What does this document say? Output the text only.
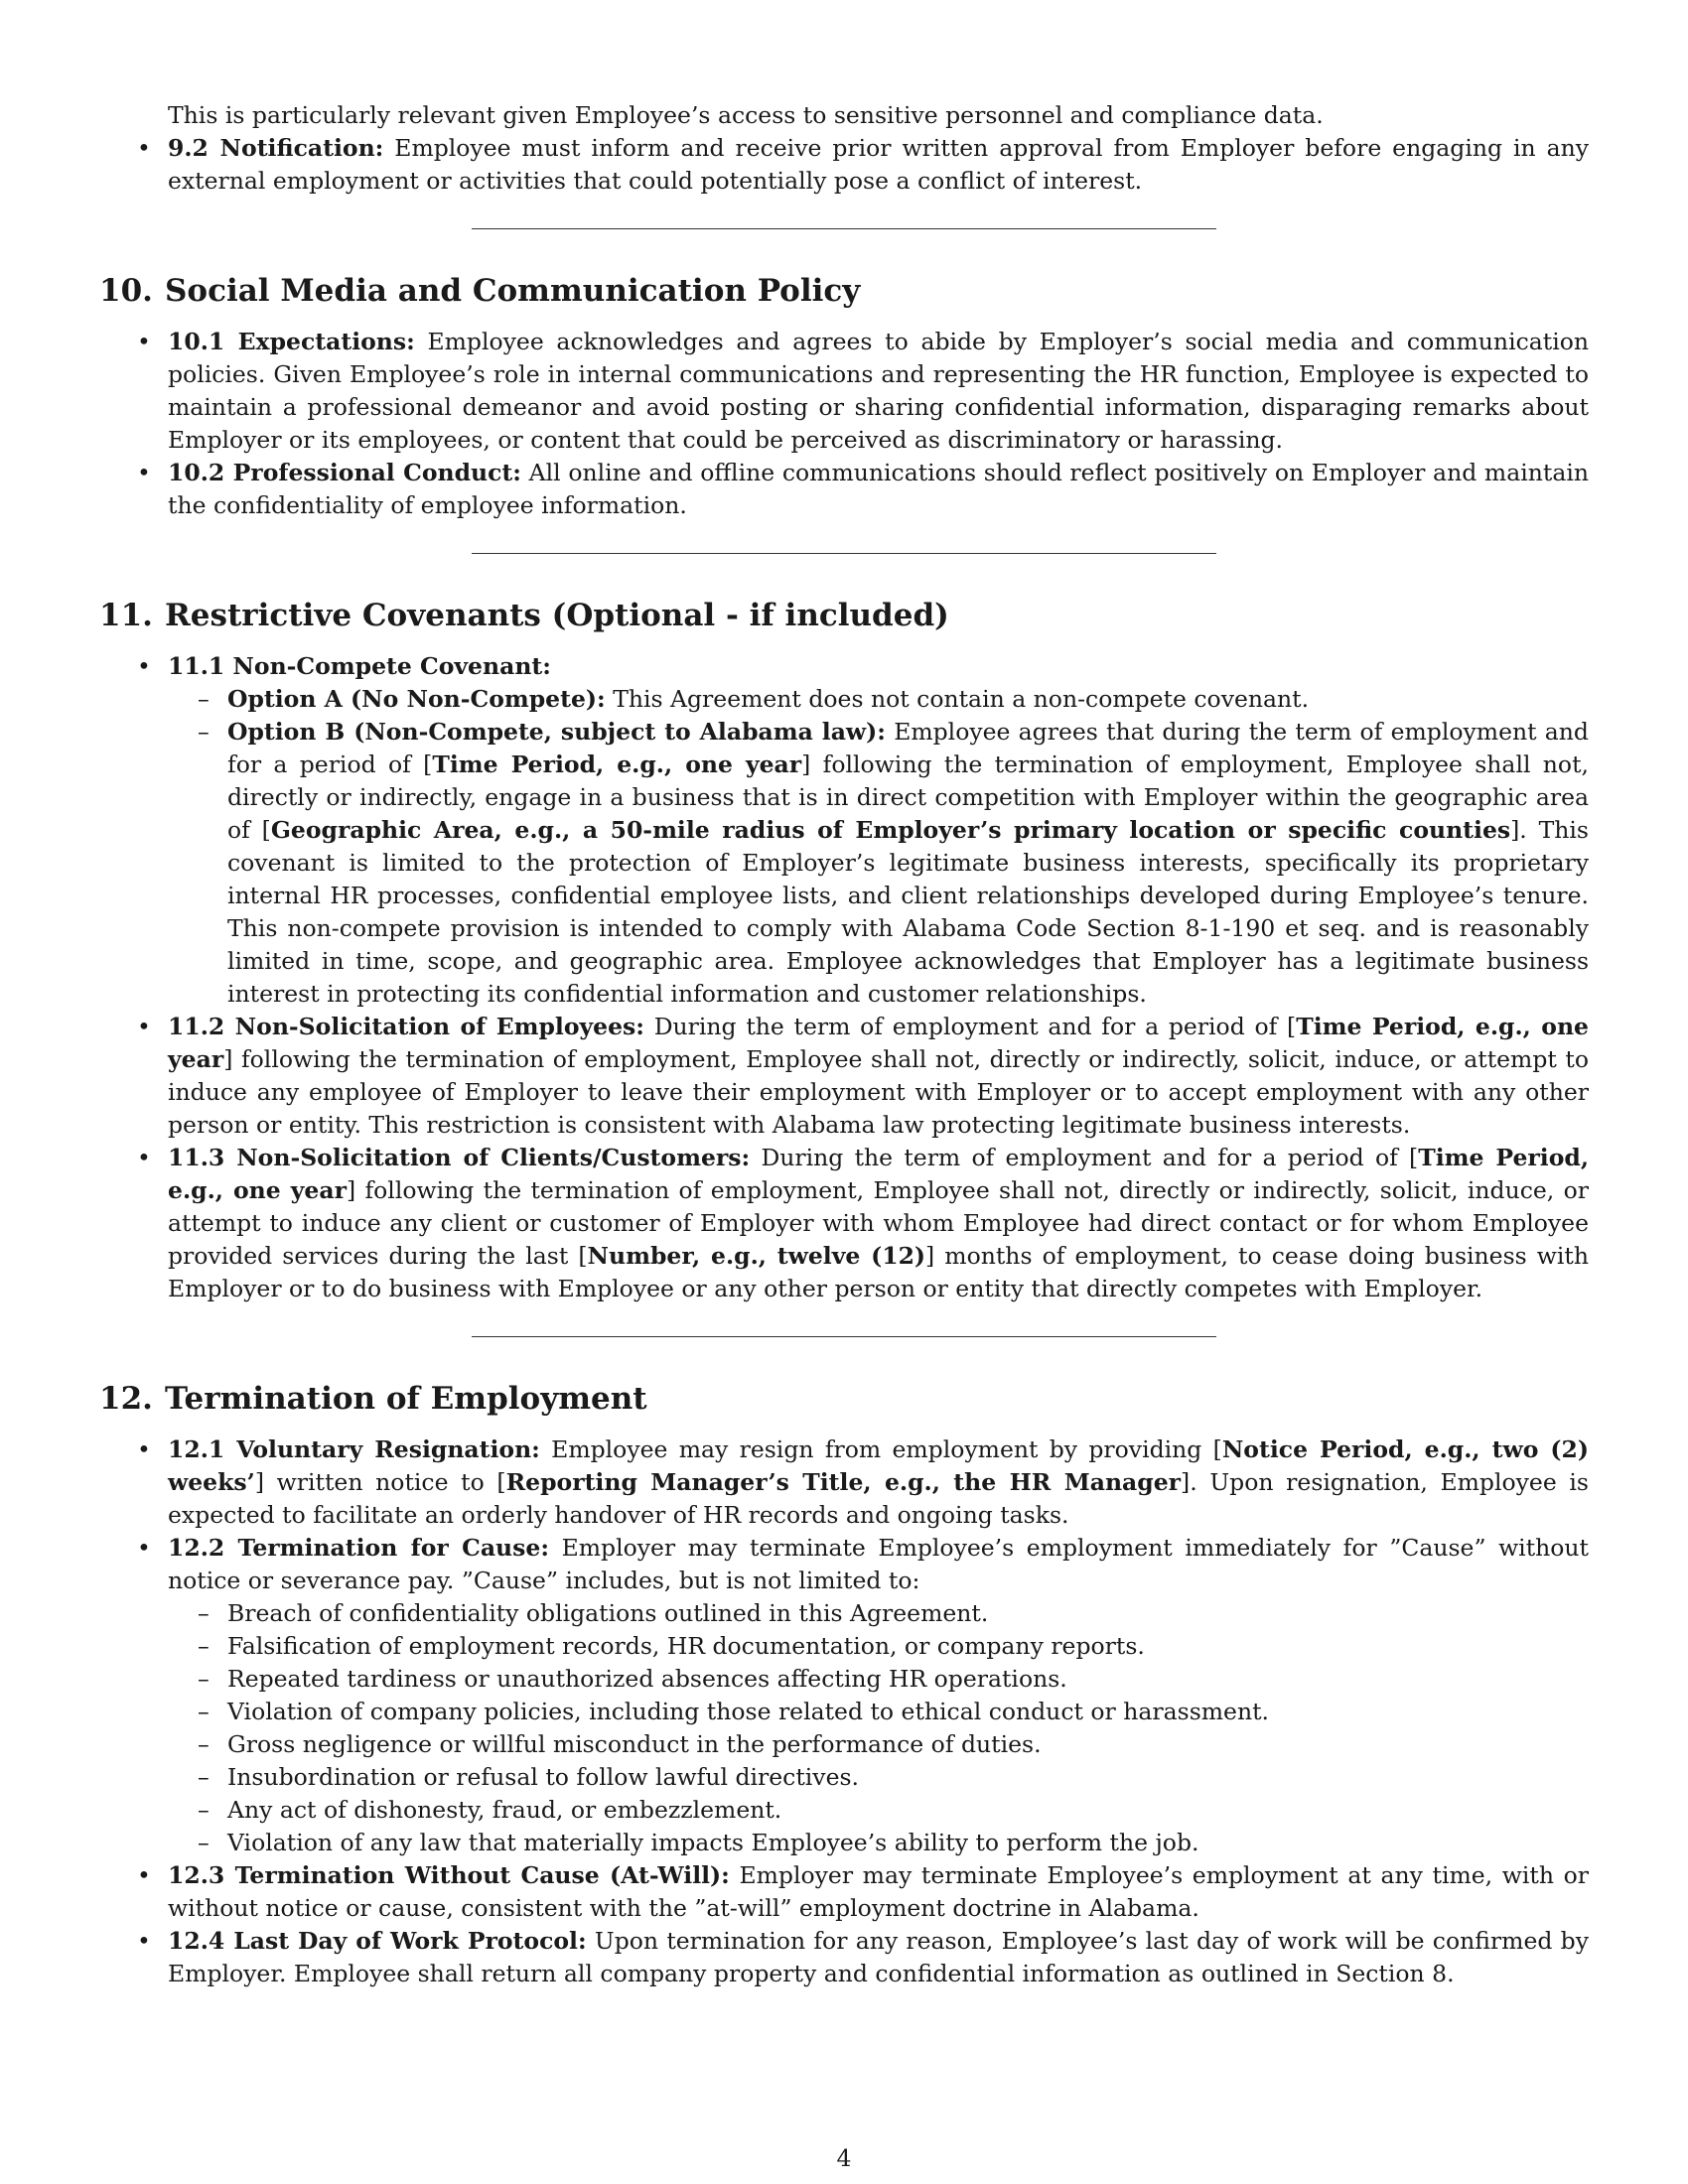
This is particularly relevant given Employee’s access to sensitive personnel and compliance data.

• 9.2 Notification: Employee must inform and receive prior written approval from Employer before engaging in any external employment or activities that could potentially pose a conflict of interest.
10. Social Media and Communication Policy
• 10.1 Expectations: Employee acknowledges and agrees to abide by Employer’s social media and communication policies. Given Employee’s role in internal communications and representing the HR function, Employee is expected to maintain a professional demeanor and avoid posting or sharing confidential information, disparaging remarks about Employer or its employees, or content that could be perceived as discriminatory or harassing.
• 10.2 Professional Conduct: All online and offline communications should reflect positively on Employer and maintain the confidentiality of employee information.
11. Restrictive Covenants (Optional - if included)
• 11.1 Non-Compete Covenant:
– Option A (No Non-Compete): This Agreement does not contain a non-compete covenant.
– Option B (Non-Compete, subject to Alabama law): Employee agrees that during the term of employment and for a period of [Time Period, e.g., one year] following the termination of employment, Employee shall not, directly or indirectly, engage in a business that is in direct competition with Employer within the geographic area of [Geographic Area, e.g., a 50-mile radius of Employer’s primary location or specific counties]. This covenant is limited to the protection of Employer’s legitimate business interests, specifically its proprietary internal HR processes, confidential employee lists, and client relationships developed during Employee’s tenure. This non-compete provision is intended to comply with Alabama Code Section 8-1-190 et seq. and is reasonably limited in time, scope, and geographic area. Employee acknowledges that Employer has a legitimate business interest in protecting its confidential information and customer relationships.
• 11.2 Non-Solicitation of Employees: During the term of employment and for a period of [Time Period, e.g., one year] following the termination of employment, Employee shall not, directly or indirectly, solicit, induce, or attempt to induce any employee of Employer to leave their employment with Employer or to accept employment with any other person or entity. This restriction is consistent with Alabama law protecting legitimate business interests.
• 11.3 Non-Solicitation of Clients/Customers: During the term of employment and for a period of [Time Period, e.g., one year] following the termination of employment, Employee shall not, directly or indirectly, solicit, induce, or attempt to induce any client or customer of Employer with whom Employee had direct contact or for whom Employee provided services during the last [Number, e.g., twelve (12)] months of employment, to cease doing business with Employer or to do business with Employee or any other person or entity that directly competes with Employer.
12. Termination of Employment
• 12.1 Voluntary Resignation: Employee may resign from employment by providing [Notice Period, e.g., two (2) weeks’] written notice to [Reporting Manager’s Title, e.g., the HR Manager]. Upon resignation, Employee is expected to facilitate an orderly handover of HR records and ongoing tasks.
• 12.2 Termination for Cause: Employer may terminate Employee’s employment immediately for ”Cause” without notice or severance pay. ”Cause” includes, but is not limited to:
– Breach of confidentiality obligations outlined in this Agreement.
– Falsification of employment records, HR documentation, or company reports.
– Repeated tardiness or unauthorized absences affecting HR operations.
– Violation of company policies, including those related to ethical conduct or harassment.
– Gross negligence or willful misconduct in the performance of duties.
– Insubordination or refusal to follow lawful directives.
– Any act of dishonesty, fraud, or embezzlement.
– Violation of any law that materially impacts Employee’s ability to perform the job.
• 12.3 Termination Without Cause (At-Will): Employer may terminate Employee’s employment at any time, with or without notice or cause, consistent with the ”at-will” employment doctrine in Alabama.
• 12.4 Last Day of Work Protocol: Upon termination for any reason, Employee’s last day of work will be confirmed by Employer. Employee shall return all company property and confidential information as outlined in Section 8.
4
